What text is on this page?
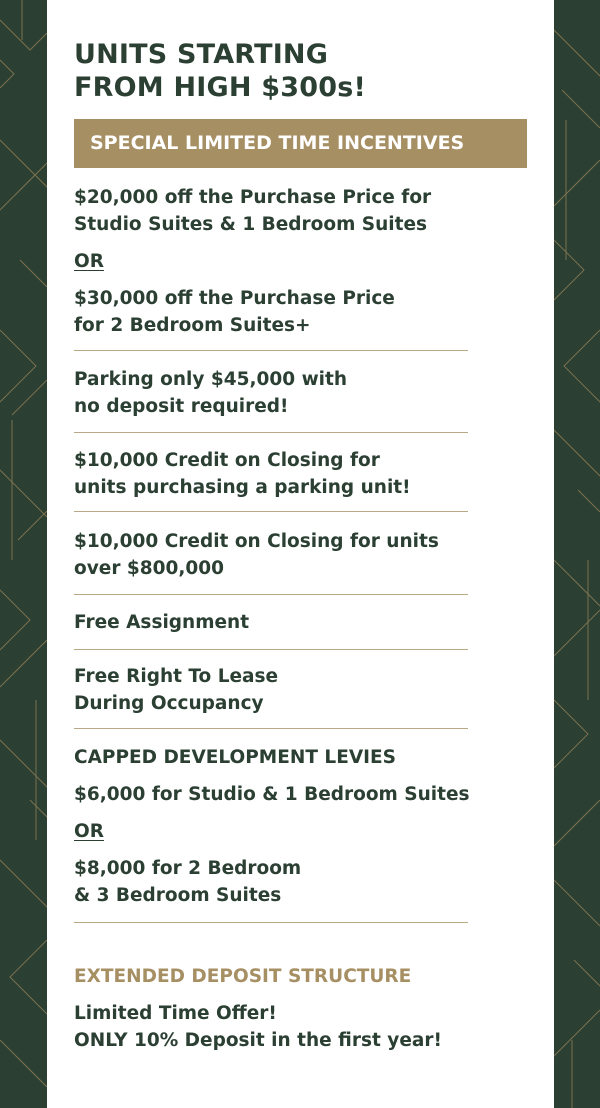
UNITS STARTING
FROM HIGH $300s!
SPECIAL LIMITED TIME INCENTIVES
$20,000 off the Purchase Price for
Studio Suites & 1 Bedroom Suites
OR
$30,000 off the Purchase Price
for 2 Bedroom Suites+
Parking only $45,000 with
no deposit required!
$10,000 Credit on Closing for
units purchasing a parking unit!
$10,000 Credit on Closing for units
over $800,000
Free Assignment
Free Right To Lease
During Occupancy
CAPPED DEVELOPMENT LEVIES
$6,000 for Studio & 1 Bedroom Suites
OR
$8,000 for 2 Bedroom
& 3 Bedroom Suites
EXTENDED DEPOSIT STRUCTURE
Limited Time Offer!
ONLY 10% Deposit in the first year!
